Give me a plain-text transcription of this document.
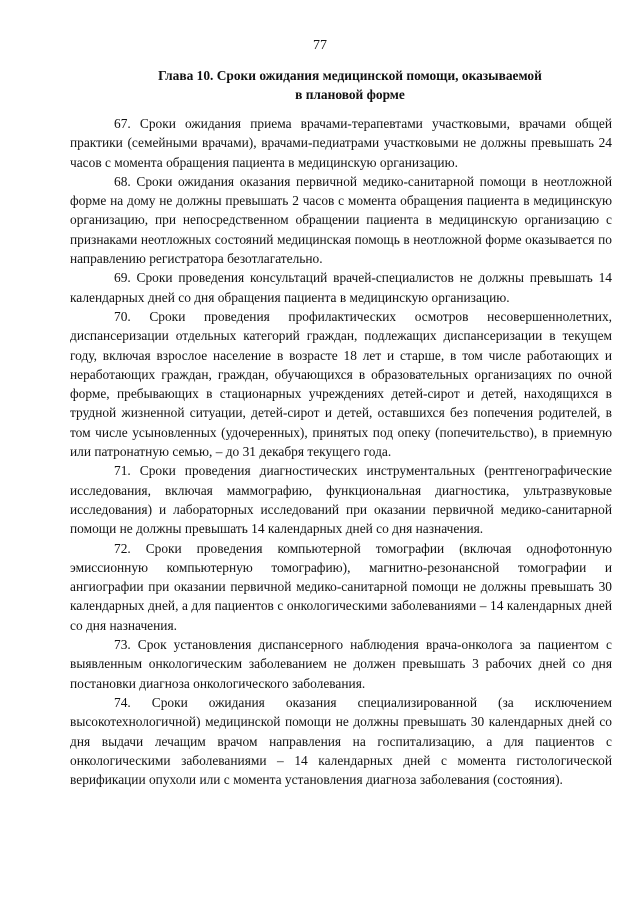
77
Глава 10. Сроки ожидания медицинской помощи, оказываемой
в плановой форме

67. Сроки ожидания приема врачами-терапевтами участковыми, врачами общей практики (семейными врачами), врачами-педиатрами участковыми не должны превышать 24 часов с момента обращения пациента в медицинскую организацию.

68. Сроки ожидания оказания первичной медико-санитарной помощи в неотложной форме на дому не должны превышать 2 часов с момента обращения пациента в медицинскую организацию, при непосредственном обращении пациента в медицинскую организацию с признаками неотложных состояний медицинская помощь в неотложной форме оказывается по направлению регистратора безотлагательно.

69. Сроки проведения консультаций врачей-специалистов не должны превышать 14 календарных дней со дня обращения пациента в медицинскую организацию.

70. Сроки проведения профилактических осмотров несовершеннолетних, диспансеризации отдельных категорий граждан, подлежащих диспансеризации в текущем году, включая взрослое население в возрасте 18 лет и старше, в том числе работающих и неработающих граждан, граждан, обучающихся в образовательных организациях по очной форме, пребывающих в стационарных учреждениях детей-сирот и детей, находящихся в трудной жизненной ситуации, детей-сирот и детей, оставшихся без попечения родителей, в том числе усыновленных (удочеренных), принятых под опеку (попечительство), в приемную или патронатную семью, – до 31 декабря текущего года.

71. Сроки проведения диагностических инструментальных (рентгенографические исследования, включая маммографию, функциональная диагностика, ультразвуковые исследования) и лабораторных исследований при оказании первичной медико-санитарной помощи не должны превышать 14 календарных дней со дня назначения.

72. Сроки проведения компьютерной томографии (включая однофотонную эмиссионную компьютерную томографию), магнитно-резонансной томографии и ангиографии при оказании первичной медико-санитарной помощи не должны превышать 30 календарных дней, а для пациентов с онкологическими заболеваниями – 14 календарных дней со дня назначения.

73. Срок установления диспансерного наблюдения врача-онколога за пациентом с выявленным онкологическим заболеванием не должен превышать 3 рабочих дней со дня постановки диагноза онкологического заболевания.

74. Сроки ожидания оказания специализированной (за исключением высокотехнологичной) медицинской помощи не должны превышать 30 календарных дней со дня выдачи лечащим врачом направления на госпитализацию, а для пациентов с онкологическими заболеваниями – 14 календарных дней с момента гистологической верификации опухоли или с момента установления диагноза заболевания (состояния).
